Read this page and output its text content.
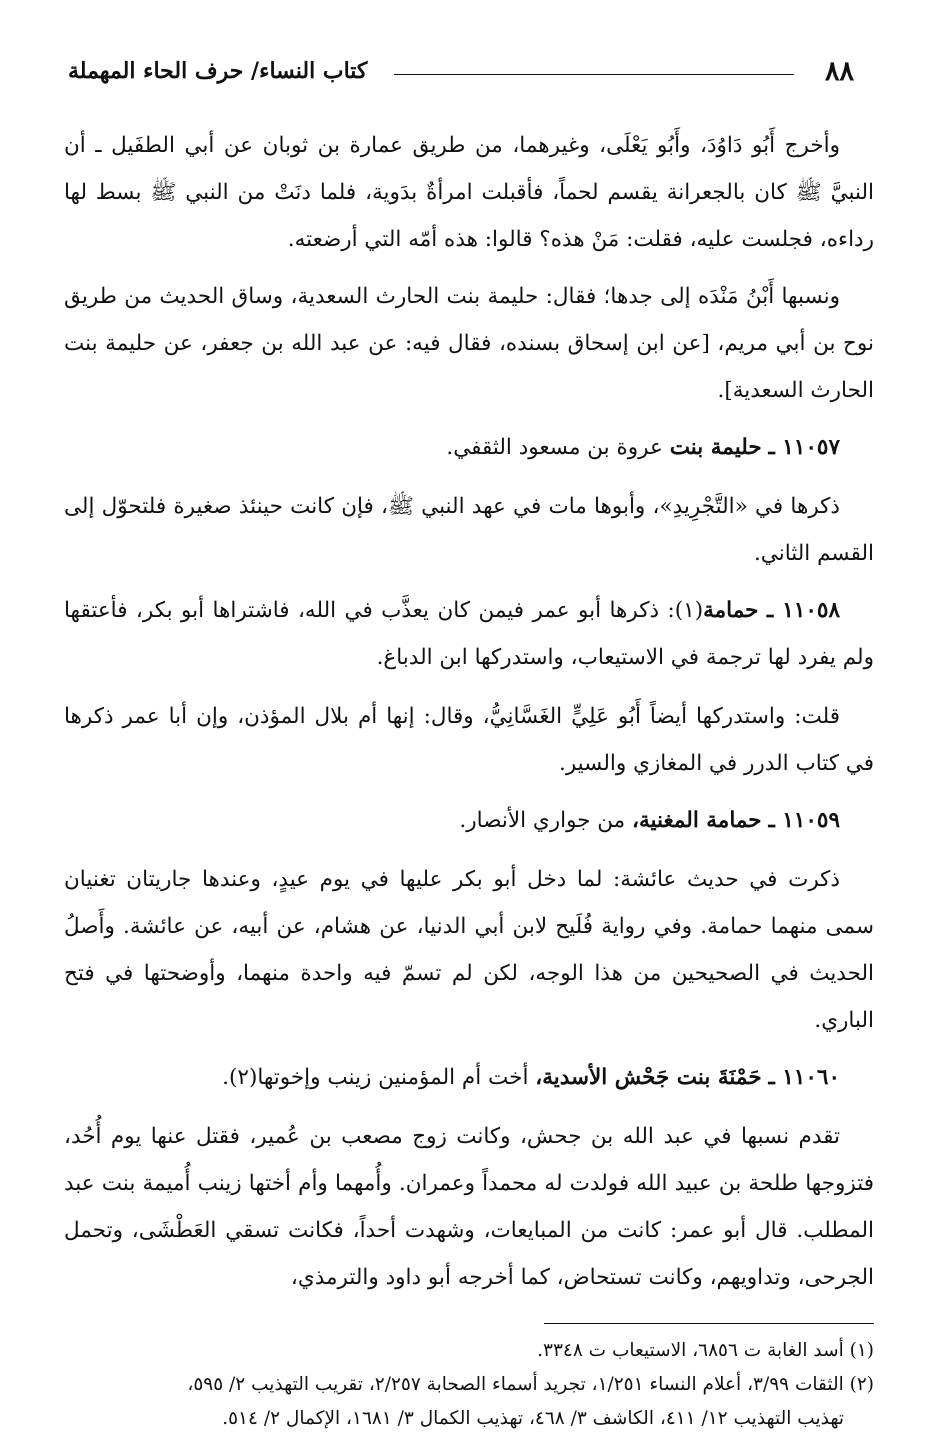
٨٨
كتاب النساء/ حرف الحاء المهملة

وأخرج أَبُو دَاوُدَ، وأَبُو يَعْلَى، وغيرهما، من طريق عمارة بن ثوبان عن أبي الطفَيل ـ أن النبيَّ ﷺ كان بالجعرانة يقسم لحماً، فأقبلت امرأةٌ بدَوية، فلما دنَتْ من النبي ﷺ بسط لها رداءه، فجلست عليه، فقلت: مَنْ هذه؟ قالوا: هذه أمّه التي أرضعته.

ونسبها أَبْنُ مَنْدَه إلى جدها؛ فقال: حليمة بنت الحارث السعدية، وساق الحديث من طريق نوح بن أبي مريم، [عن ابن إسحاق بسنده، فقال فيه: عن عبد الله بن جعفر، عن حليمة بنت الحارث السعدية].

١١٠٥٧ ـ حليمة بنت عروة بن مسعود الثقفي.

ذكرها في «التَّجْرِيدِ»، وأبوها مات في عهد النبي ﷺ، فإن كانت حينئذ صغيرة فلتحوّل إلى القسم الثاني.

١١٠٥٨ ـ حمامة(١): ذكرها أبو عمر فيمن كان يعذَّب في الله، فاشتراها أبو بكر، فأعتقها ولم يفرد لها ترجمة في الاستيعاب، واستدركها ابن الدباغ.

قلت: واستدركها أيضاً أَبُو عَلِيٍّ الغَسَّانِيُّ، وقال: إنها أم بلال المؤذن، وإن أبا عمر ذكرها في كتاب الدرر في المغازي والسير.

١١٠٥٩ ـ حمامة المغنية، من جواري الأنصار.

ذكرت في حديث عائشة: لما دخل أبو بكر عليها في يوم عيدٍ، وعندها جاريتان تغنيان سمى منهما حمامة. وفي رواية فُلَيح لابن أبي الدنيا، عن هشام، عن أبيه، عن عائشة. وأَصلُ الحديث في الصحيحين من هذا الوجه، لكن لم تسمّ فيه واحدة منهما، وأوضحتها في فتح الباري.

١١٠٦٠ ـ حَمْنَةَ بنت جَحْش الأسدية، أخت أم المؤمنين زينب وإخوتها(٢).

تقدم نسبها في عبد الله بن جحش، وكانت زوج مصعب بن عُمير، فقتل عنها يوم أُحُد، فتزوجها طلحة بن عبيد الله فولدت له محمداً وعمران. وأُمهما وأم أختها زينب أُميمة بنت عبد المطلب. قال أبو عمر: كانت من المبايعات، وشهدت أحداً، فكانت تسقي العَطْشَى، وتحمل الجرحى، وتداويهم، وكانت تستحاض، كما أخرجه أبو داود والترمذي،

(١) أسد الغابة ت ٦٨٥٦، الاستيعاب ت ٣٣٤٨.

(٢) الثقات ٣/٩٩، أعلام النساء ١/٢٥١، تجريد أسماء الصحابة ٢/٢٥٧، تقريب التهذيب ٢/ ٥٩٥،

تهذيب التهذيب ١٢/ ٤١١، الكاشف ٣/ ٤٦٨، تهذيب الكمال ٣/ ١٦٨١، الإكمال ٢/ ٥١٤.
